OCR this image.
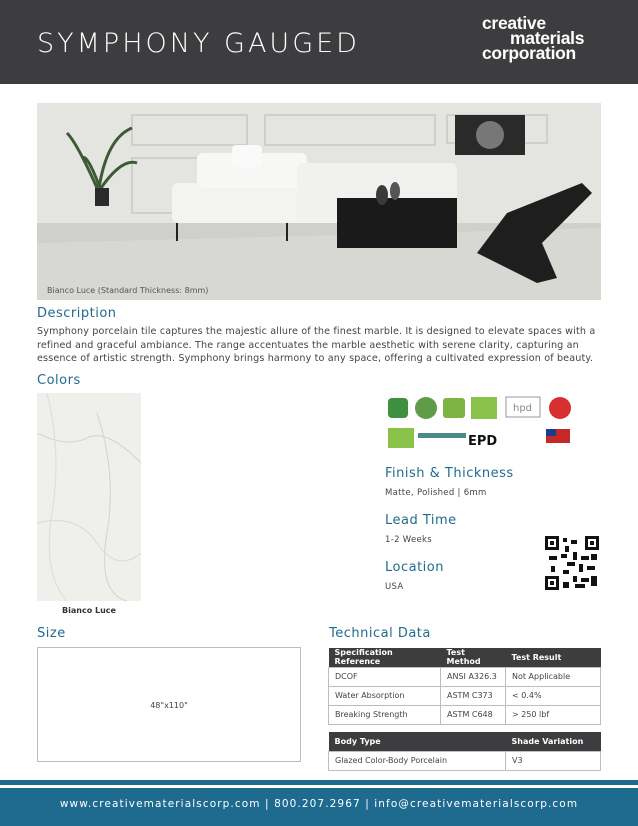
SYMPHONY GAUGED
creative
materials
corporation
Bianco Luce (Standard Thickness: 8mm)
Description
Symphony porcelain tile captures the majestic allure of the finest marble. It is designed to elevate spaces with a refined and graceful ambiance. The range accentuates the marble aesthetic with serene clarity, capturing an essence of artistic strength. Symphony brings harmony to any space, offering a cultivated expression of beauty.
Colors
Bianco Luce
hpd
EPD
Finish & Thickness
Matte, Polished | 6mm
Lead Time
1-2 Weeks
Location
USA
Size
48"x110"
Technical Data
Specification Reference	Test Method	Test Result
DCOF	ANSI A326.3	Not Applicable
Water Absorption	ASTM C373	< 0.4%
Breaking Strength	ASTM C648	> 250 lbf
Body Type	Shade Variation
Glazed Color-Body Porcelain	V3
www.creativematerialscorp.com | 800.207.2967 | info@creativematerialscorp.com
